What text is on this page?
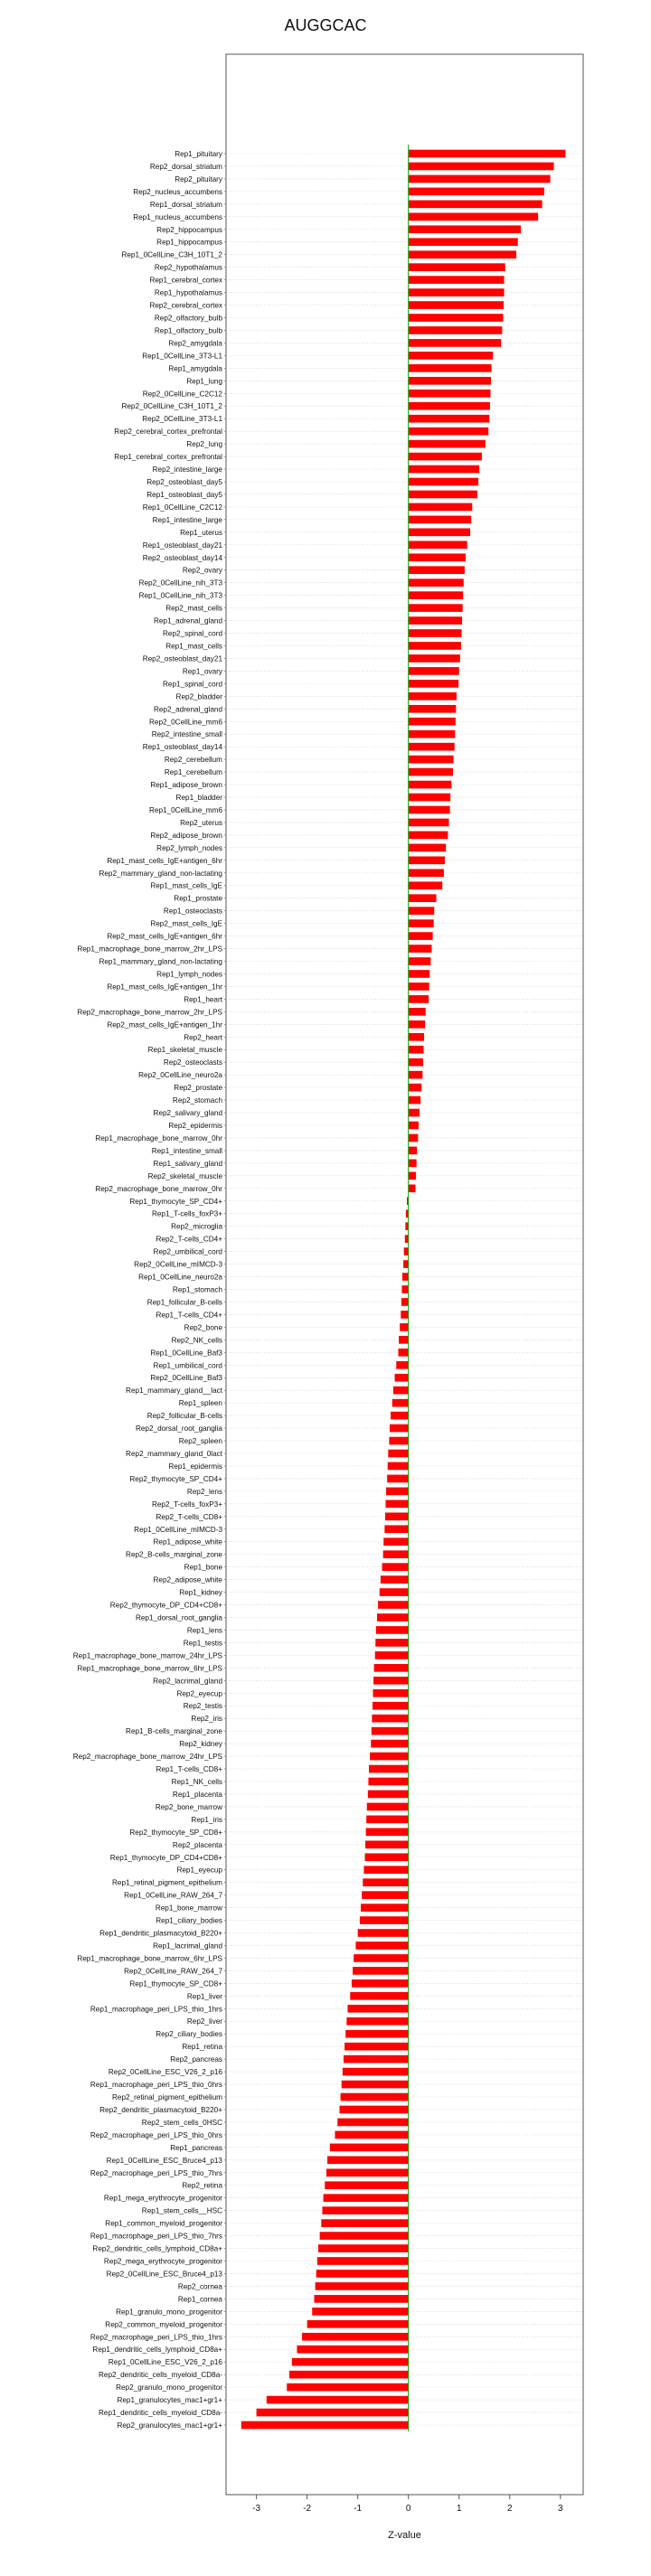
AUGGCAC
Rep1_pituitary
Rep2_dorsal_striatum
Rep2_pituitary
Rep2_nucleus_accumbens
Rep1_dorsal_striatum
Rep1_nucleus_accumbens
Rep2_hippocampus
Rep1_hippocampus
Rep1_0CellLine_C3H_10T1_2
Rep2_hypothalamus
Rep1_cerebral_cortex
Rep1_hypothalamus
Rep2_cerebral_cortex
Rep2_olfactory_bulb
Rep1_olfactory_bulb
Rep2_amygdala
Rep1_0CellLine_3T3-L1
Rep1_amygdala
Rep1_lung
Rep2_0CellLine_C2C12
Rep2_0CellLine_C3H_10T1_2
Rep2_0CellLine_3T3-L1
Rep2_cerebral_cortex_prefrontal
Rep2_lung
Rep1_cerebral_cortex_prefrontal
Rep2_intestine_large
Rep2_osteoblast_day5
Rep1_osteoblast_day5
Rep1_0CellLine_C2C12
Rep1_intestine_large
Rep1_uterus
Rep1_osteoblast_day21
Rep2_osteoblast_day14
Rep2_ovary
Rep2_0CellLine_nih_3T3
Rep1_0CellLine_nih_3T3
Rep2_mast_cells
Rep1_adrenal_gland
Rep2_spinal_cord
Rep1_mast_cells
Rep2_osteoblast_day21
Rep1_ovary
Rep1_spinal_cord
Rep2_bladder
Rep2_adrenal_gland
Rep2_0CellLine_mm6
Rep2_intestine_small
Rep1_osteoblast_day14
Rep2_cerebellum
Rep1_cerebellum
Rep1_adipose_brown
Rep1_bladder
Rep1_0CellLine_mm6
Rep2_uterus
Rep2_adipose_brown
Rep2_lymph_nodes
Rep1_mast_cells_IgE+antigen_6hr
Rep2_mammary_gland_non-lactating
Rep1_mast_cells_IgE
Rep1_prostate
Rep1_osteoclasts
Rep2_mast_cells_IgE
Rep2_mast_cells_IgE+antigen_6hr
Rep1_macrophage_bone_marrow_2hr_LPS
Rep1_mammary_gland_non-lactating
Rep1_lymph_nodes
Rep1_mast_cells_IgE+antigen_1hr
Rep1_heart
Rep2_macrophage_bone_marrow_2hr_LPS
Rep2_mast_cells_IgE+antigen_1hr
Rep2_heart
Rep1_skeletal_muscle
Rep2_osteoclasts
Rep2_0CellLine_neuro2a
Rep2_prostate
Rep2_stomach
Rep2_salivary_gland
Rep2_epidermis
Rep1_macrophage_bone_marrow_0hr
Rep1_intestine_small
Rep1_salivary_gland
Rep2_skeletal_muscle
Rep2_macrophage_bone_marrow_0hr
Rep1_thymocyte_SP_CD4+
Rep1_T-cells_foxP3+
Rep2_microglia
Rep2_T-cells_CD4+
Rep2_umbilical_cord
Rep2_0CellLine_mIMCD-3
Rep1_0CellLine_neuro2a
Rep1_stomach
Rep1_follicular_B-cells
Rep1_T-cells_CD4+
Rep2_bone
Rep2_NK_cells
Rep1_0CellLine_Baf3
Rep1_umbilical_cord
Rep2_0CellLine_Baf3
Rep1_mammary_gland__lact
Rep1_spleen
Rep2_follicular_B-cells
Rep2_dorsal_root_ganglia
Rep2_spleen
Rep2_mammary_gland_0lact
Rep1_epidermis
Rep2_thymocyte_SP_CD4+
Rep2_lens
Rep2_T-cells_foxP3+
Rep2_T-cells_CD8+
Rep1_0CellLine_mIMCD-3
Rep1_adipose_white
Rep2_B-cells_marginal_zone
Rep1_bone
Rep2_adipose_white
Rep1_kidney
Rep2_thymocyte_DP_CD4+CD8+
Rep1_dorsal_root_ganglia
Rep1_lens
Rep1_testis
Rep1_macrophage_bone_marrow_24hr_LPS
Rep1_macrophage_bone_marrow_6hr_LPS
Rep2_lacrimal_gland
Rep2_eyecup
Rep2_testis
Rep2_iris
Rep1_B-cells_marginal_zone
Rep2_kidney
Rep2_macrophage_bone_marrow_24hr_LPS
Rep1_T-cells_CD8+
Rep1_NK_cells
Rep1_placenta
Rep2_bone_marrow
Rep1_iris
Rep2_thymocyte_SP_CD8+
Rep2_placenta
Rep1_thymocyte_DP_CD4+CD8+
Rep1_eyecup
Rep1_retinal_pigment_epithelium
Rep1_0CellLine_RAW_264_7
Rep1_bone_marrow
Rep1_ciliary_bodies
Rep1_dendritic_plasmacytoid_B220+
Rep1_lacrimal_gland
Rep1_macrophage_bone_marrow_6hr_LPS
Rep2_0CellLine_RAW_264_7
Rep1_thymocyte_SP_CD8+
Rep1_liver
Rep1_macrophage_peri_LPS_thio_1hrs
Rep2_liver
Rep2_ciliary_bodies
Rep1_retina
Rep2_pancreas
Rep2_0CellLine_ESC_V26_2_p16
Rep1_macrophage_peri_LPS_thio_0hrs
Rep2_retinal_pigment_epithelium
Rep2_dendritic_plasmacytoid_B220+
Rep2_stem_cells_0HSC
Rep2_macrophage_peri_LPS_thio_0hrs
Rep1_pancreas
Rep1_0CellLine_ESC_Bruce4_p13
Rep2_macrophage_peri_LPS_thio_7hrs
Rep2_retina
Rep1_mega_erythrocyte_progenitor
Rep1_stem_cells__HSC
Rep1_common_myeloid_progenitor
Rep1_macrophage_peri_LPS_thio_7hrs
Rep2_dendritic_cells_lymphoid_CD8a+
Rep2_mega_erythrocyte_progenitor
Rep2_0CellLine_ESC_Bruce4_p13
Rep2_cornea
Rep1_cornea
Rep1_granulo_mono_progenitor
Rep2_common_myeloid_progenitor
Rep2_macrophage_peri_LPS_thio_1hrs
Rep1_dendritic_cells_lymphoid_CD8a+
Rep1_0CellLine_ESC_V26_2_p16
Rep2_dendritic_cells_myeloid_CD8a-
Rep2_granulo_mono_progenitor
Rep1_granulocytes_mac1+gr1+
Rep1_dendritic_cells_myeloid_CD8a-
Rep2_granulocytes_mac1+gr1+
-3	-2	-1	0	1	2	3
Z-value
